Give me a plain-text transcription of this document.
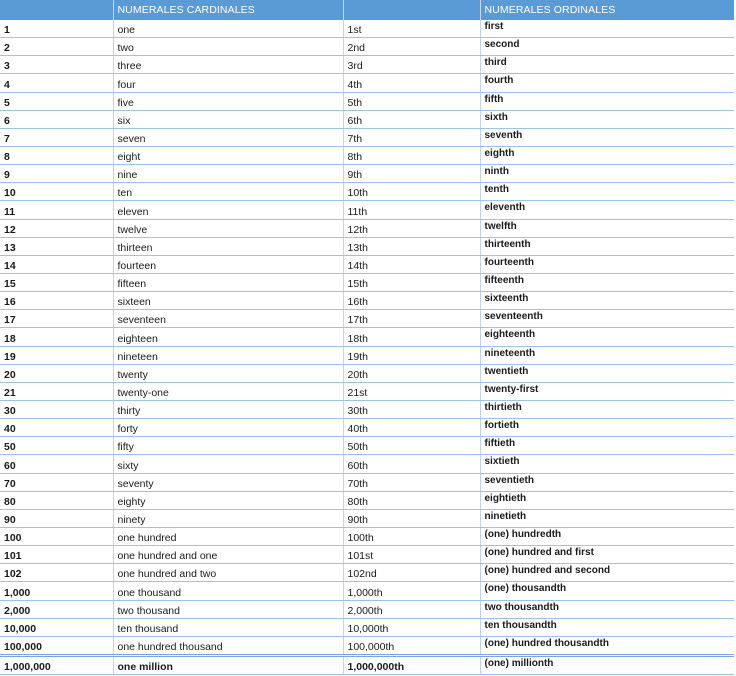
	NUMERALES CARDINALES		NUMERALES ORDINALES
1	one	1st	first
2	two	2nd	second
3	three	3rd	third
4	four	4th	fourth
5	five	5th	fifth
6	six	6th	sixth
7	seven	7th	seventh
8	eight	8th	eighth
9	nine	9th	ninth
10	ten	10th	tenth
11	eleven	11th	eleventh
12	twelve	12th	twelfth
13	thirteen	13th	thirteenth
14	fourteen	14th	fourteenth
15	fifteen	15th	fifteenth
16	sixteen	16th	sixteenth
17	seventeen	17th	seventeenth
18	eighteen	18th	eighteenth
19	nineteen	19th	nineteenth
20	twenty	20th	twentieth
21	twenty-one	21st	twenty-first
30	thirty	30th	thirtieth
40	forty	40th	fortieth
50	fifty	50th	fiftieth
60	sixty	60th	sixtieth
70	seventy	70th	seventieth
80	eighty	80th	eightieth
90	ninety	90th	ninetieth
100	one hundred	100th	(one) hundredth
101	one hundred and one	101st	(one) hundred and first
102	one hundred and two	102nd	(one) hundred and second
1,000	one thousand	1,000th	(one) thousandth
2,000	two thousand	2,000th	two thousandth
10,000	ten thousand	10,000th	ten thousandth
100,000	one hundred thousand	100,000th	(one) hundred thousandth
1,000,000	one million	1,000,000th	(one) millionth
